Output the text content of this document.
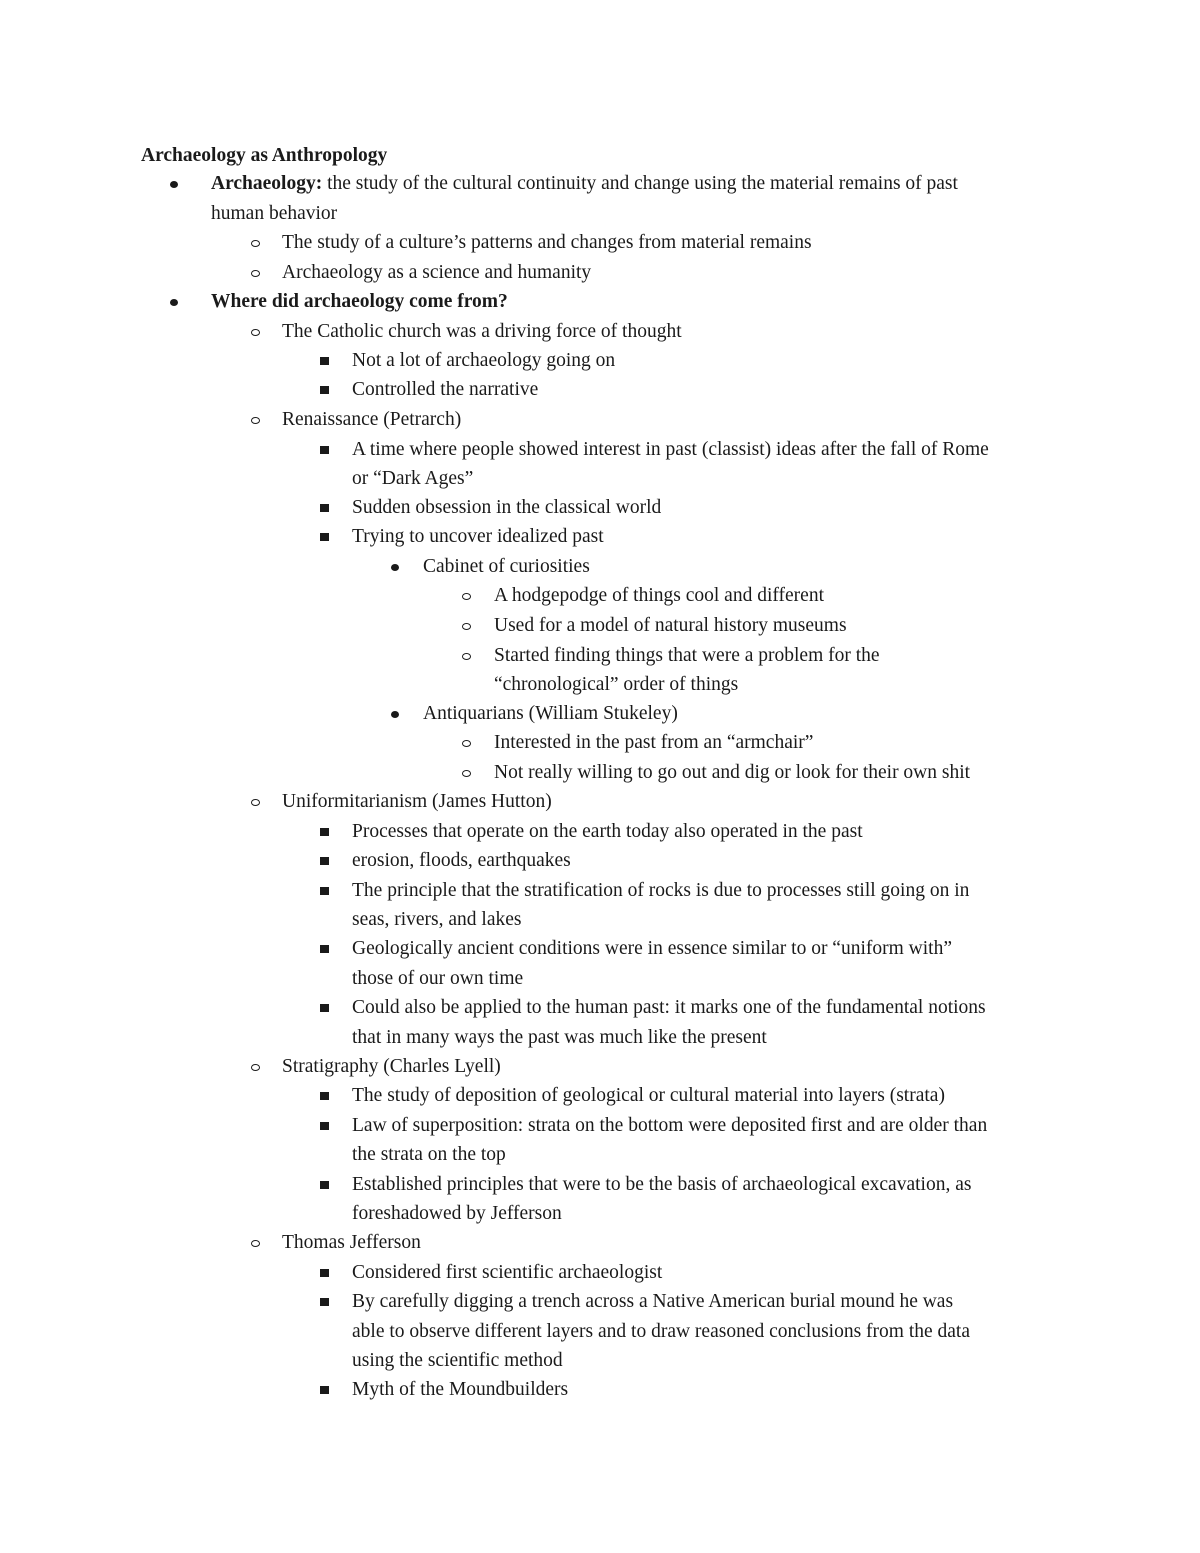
Archaeology as Anthropology
Archaeology: the study of the cultural continuity and change using the material remains of past
human behavior
The study of a culture’s patterns and changes from material remains
Archaeology as a science and humanity
Where did archaeology come from?
The Catholic church was a driving force of thought
Not a lot of archaeology going on
Controlled the narrative
Renaissance (Petrarch)
A time where people showed interest in past (classist) ideas after the fall of Rome
or “Dark Ages”
Sudden obsession in the classical world
Trying to uncover idealized past
Cabinet of curiosities
A hodgepodge of things cool and different
Used for a model of natural history museums
Started finding things that were a problem for the
“chronological” order of things
Antiquarians (William Stukeley)
Interested in the past from an “armchair”
Not really willing to go out and dig or look for their own shit
Uniformitarianism (James Hutton)
Processes that operate on the earth today also operated in the past
erosion, floods, earthquakes
The principle that the stratification of rocks is due to processes still going on in
seas, rivers, and lakes
Geologically ancient conditions were in essence similar to or “uniform with”
those of our own time
Could also be applied to the human past: it marks one of the fundamental notions
that in many ways the past was much like the present
Stratigraphy (Charles Lyell)
The study of deposition of geological or cultural material into layers (strata)
Law of superposition: strata on the bottom were deposited first and are older than
the strata on the top
Established principles that were to be the basis of archaeological excavation, as
foreshadowed by Jefferson
Thomas Jefferson
Considered first scientific archaeologist
By carefully digging a trench across a Native American burial mound he was
able to observe different layers and to draw reasoned conclusions from the data
using the scientific method
Myth of the Moundbuilders
